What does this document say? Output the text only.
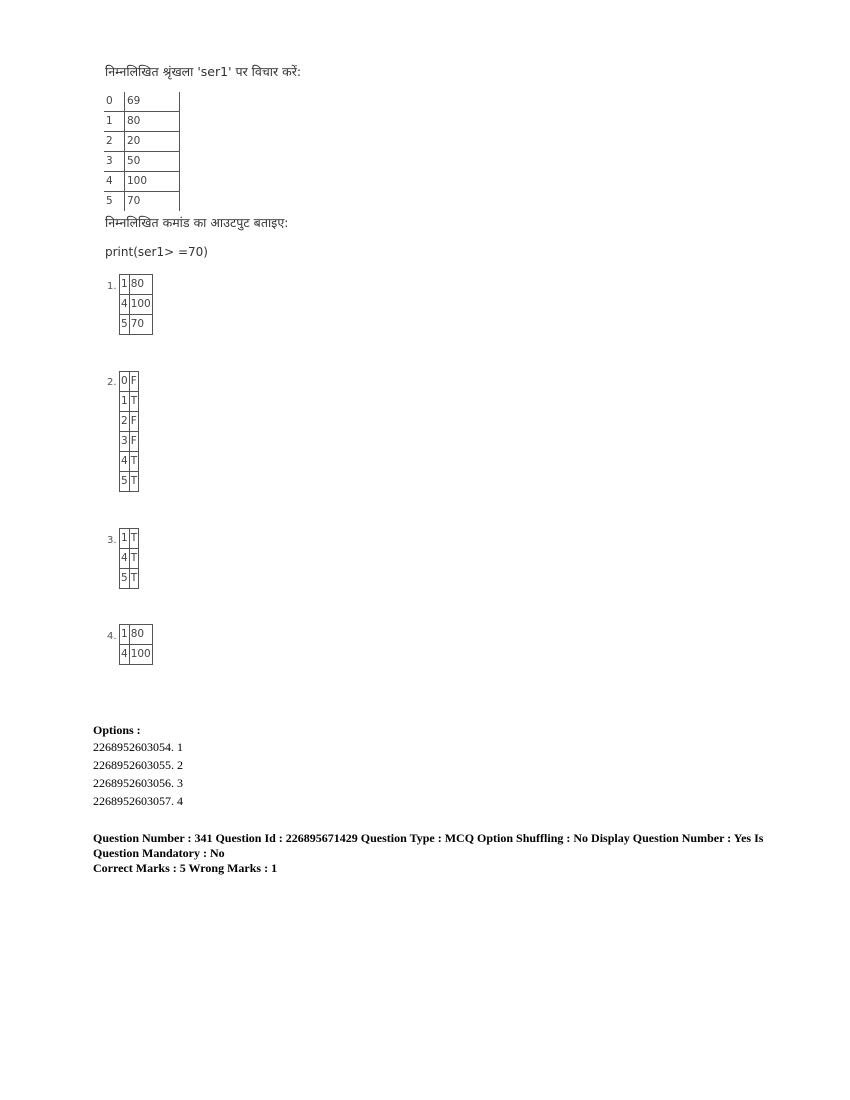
निम्नलिखित श्रृंखला 'ser1' पर विचार करें:
0	69
1	80
2	20
3	50
4	100
5	70
निम्नलिखित कमांड का आउटपुट बताइए:
print(ser1> =70)
1. 1	80
4	100
5	70
2. 0	F
1	T
2	F
3	F
4	T
5	T
3. 1	T
4	T
5	T
4. 1	80
4	100
Options :
2268952603054. 1
2268952603055. 2
2268952603056. 3
2268952603057. 4
Question Number : 341 Question Id : 226895671429 Question Type : MCQ Option Shuffling : No Display Question Number : Yes Is Question Mandatory : No
Correct Marks : 5 Wrong Marks : 1
